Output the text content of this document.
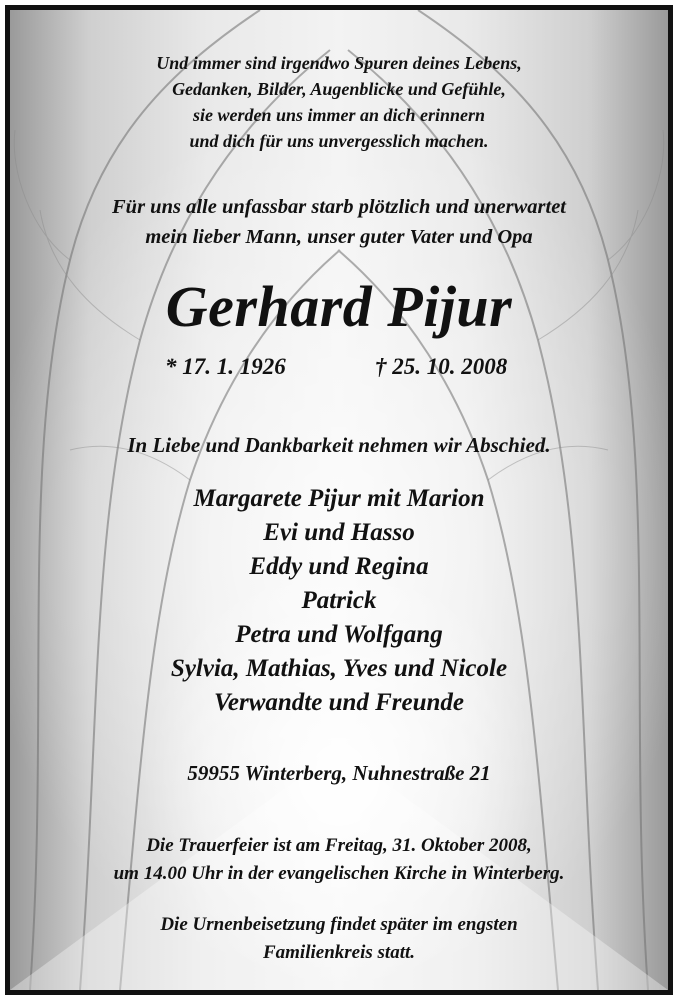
Und immer sind irgendwo Spuren deines Lebens,
Gedanken, Bilder, Augenblicke und Gefühle,
sie werden uns immer an dich erinnern
und dich für uns unvergesslich machen.
Für uns alle unfassbar starb plötzlich und unerwartet
mein lieber Mann, unser guter Vater und Opa
Gerhard Pijur
* 17. 1. 1926	† 25. 10. 2008
In Liebe und Dankbarkeit nehmen wir Abschied.
Margarete Pijur mit Marion
Evi und Hasso
Eddy und Regina
Patrick
Petra und Wolfgang
Sylvia, Mathias, Yves und Nicole
Verwandte und Freunde
59955 Winterberg, Nuhnestraße 21
Die Trauerfeier ist am Freitag, 31. Oktober 2008,
um 14.00 Uhr in der evangelischen Kirche in Winterberg.
Die Urnenbeisetzung findet später im engsten
Familienkreis statt.
